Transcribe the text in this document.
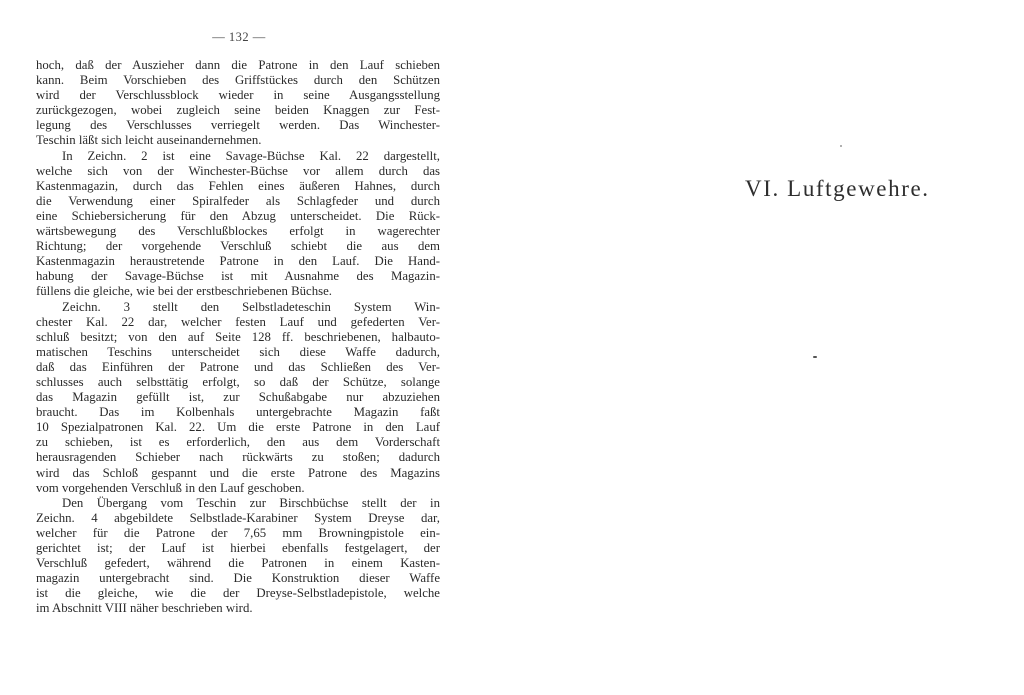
— 132 —
hoch, daß der Auszieher dann die Patrone in den Lauf schieben
kann. Beim Vorschieben des Griffstückes durch den Schützen
wird der Verschlussblock wieder in seine Ausgangsstellung
zurückgezogen, wobei zugleich seine beiden Knaggen zur Fest-
legung des Verschlusses verriegelt werden. Das Winchester-
Teschin läßt sich leicht auseinandernehmen.
In Zeichn. 2 ist eine Savage-Büchse Kal. 22 dargestellt,
welche sich von der Winchester-Büchse vor allem durch das
Kastenmagazin, durch das Fehlen eines äußeren Hahnes, durch
die Verwendung einer Spiralfeder als Schlagfeder und durch
eine Schiebersicherung für den Abzug unterscheidet. Die Rück-
wärtsbewegung des Verschlußblockes erfolgt in wagerechter
Richtung; der vorgehende Verschluß schiebt die aus dem
Kastenmagazin heraustretende Patrone in den Lauf. Die Hand-
habung der Savage-Büchse ist mit Ausnahme des Magazin-
füllens die gleiche, wie bei der erstbeschriebenen Büchse.
Zeichn. 3 stellt den Selbstladeteschin System Win-
chester Kal. 22 dar, welcher festen Lauf und gefederten Ver-
schluß besitzt; von den auf Seite 128 ff. beschriebenen, halbauto-
matischen Teschins unterscheidet sich diese Waffe dadurch,
daß das Einführen der Patrone und das Schließen des Ver-
schlusses auch selbsttätig erfolgt, so daß der Schütze, solange
das Magazin gefüllt ist, zur Schußabgabe nur abzuziehen
braucht. Das im Kolbenhals untergebrachte Magazin faßt
10 Spezialpatronen Kal. 22. Um die erste Patrone in den Lauf
zu schieben, ist es erforderlich, den aus dem Vorderschaft
herausragenden Schieber nach rückwärts zu stoßen; dadurch
wird das Schloß gespannt und die erste Patrone des Magazins
vom vorgehenden Verschluß in den Lauf geschoben.
Den Übergang vom Teschin zur Birschbüchse stellt der in
Zeichn. 4 abgebildete Selbstlade-Karabiner System Dreyse dar,
welcher für die Patrone der 7,65 mm Browningpistole ein-
gerichtet ist; der Lauf ist hierbei ebenfalls festgelagert, der
Verschluß gefedert, während die Patronen in einem Kasten-
magazin untergebracht sind. Die Konstruktion dieser Waffe
ist die gleiche, wie die der Dreyse-Selbstladepistole, welche
im Abschnitt VIII näher beschrieben wird.
VI. Luftgewehre.
